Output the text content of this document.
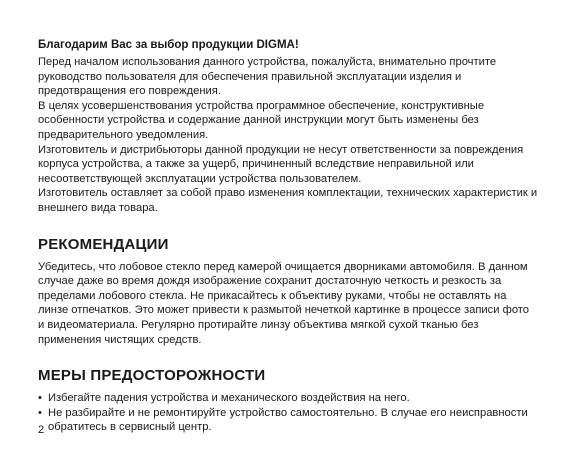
Благодарим Вас за выбор продукции DIGMA!

Перед началом использования данного устройства, пожалуйста, внимательно прочтите руководство пользователя для обеспечения правильной эксплуатации изделия и предотвращения его повреждения.

В целях усовершенствования устройства программное обеспечение, конструктивные особенности устройства и содержание данной инструкции могут быть изменены без предварительного уведомления.

Изготовитель и дистрибьюторы данной продукции не несут ответственности за повреждения корпуса устройства, а также за ущерб, причиненный вследствие неправильной или несоответствующей эксплуатации устройства пользователем.

Изготовитель оставляет за собой право изменения комплектации, технических характеристик и внешнего вида товара.

РЕКОМЕНДАЦИИ

Убедитесь, что лобовое стекло перед камерой очищается дворниками автомобиля. В данном случае даже во время дождя изображение сохранит достаточную четкость и резкость за пределами лобового стекла. Не прикасайтесь к объективу руками, чтобы не оставлять на линзе отпечатков. Это может привести к размытой нечеткой картинке в процессе записи фото и видеоматериала. Регулярно протирайте линзу объектива мягкой сухой тканью без применения чистящих средств.

МЕРЫ ПРЕДОСТОРОЖНОСТИ
• Избегайте падения устройства и механического воздействия на него.
• Не разбирайте и не ремонтируйте устройство самостоятельно. В случае его неисправности обратитесь в сервисный центр.
2
